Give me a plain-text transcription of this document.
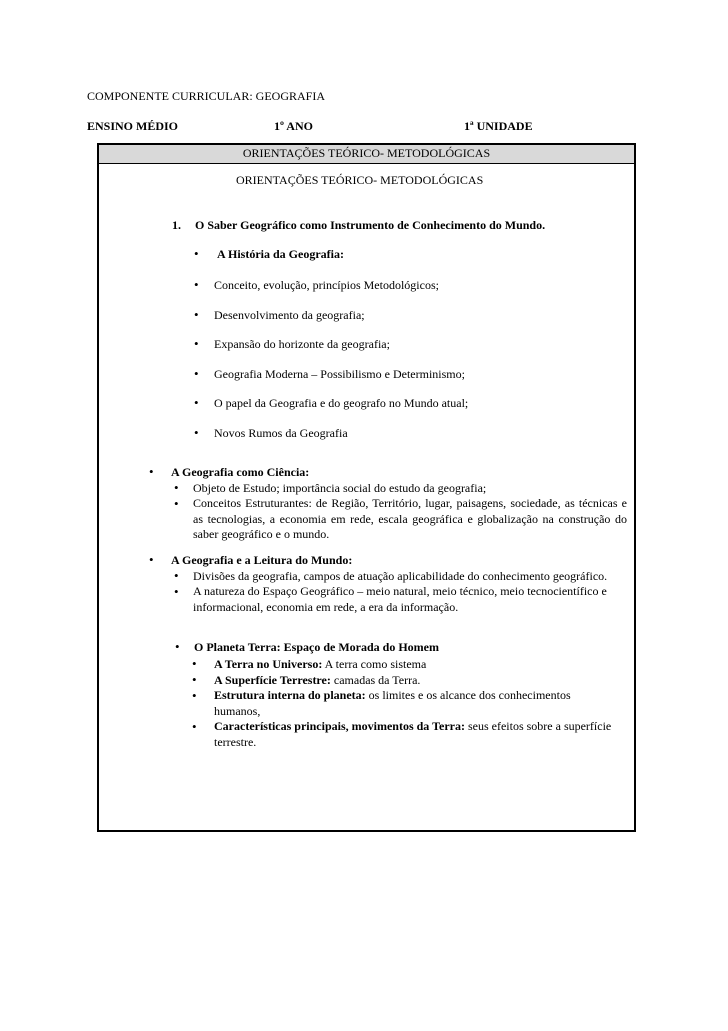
COMPONENTE CURRICULAR: GEOGRAFIA
ENSINO MÉDIO	1º ANO	1ª UNIDADE
ORIENTAÇÕES TEÓRICO- METODOLÓGICAS
ORIENTAÇÕES TEÓRICO- METODOLÓGICAS
1. O Saber Geográfico como Instrumento de Conhecimento do Mundo.
• A História da Geografia:
• Conceito, evolução, princípios Metodológicos;
• Desenvolvimento da geografia;
• Expansão do horizonte da geografia;
• Geografia Moderna – Possibilismo e Determinismo;
• O papel da Geografia e do geografo no Mundo atual;
• Novos Rumos da Geografia
• A Geografia como Ciência:
• Objeto de Estudo; importância social do estudo da geografia;
• Conceitos Estruturantes: de Região, Território, lugar, paisagens, sociedade, as técnicas e as tecnologias, a economia em rede, escala geográfica e globalização na construção do saber geográfico e o mundo.
• A Geografia e a Leitura do Mundo:
• Divisões da geografia, campos de atuação aplicabilidade do conhecimento geográfico.
• A natureza do Espaço Geográfico – meio natural, meio técnico, meio tecnocientífico e informacional, economia em rede, a era da informação.
• O Planeta Terra: Espaço de Morada do Homem
• A Terra no Universo: A terra como sistema
• A Superfície Terrestre: camadas da Terra.
• Estrutura interna do planeta: os limites e os alcance dos conhecimentos humanos,
• Características principais, movimentos da Terra: seus efeitos sobre a superfície terrestre.
